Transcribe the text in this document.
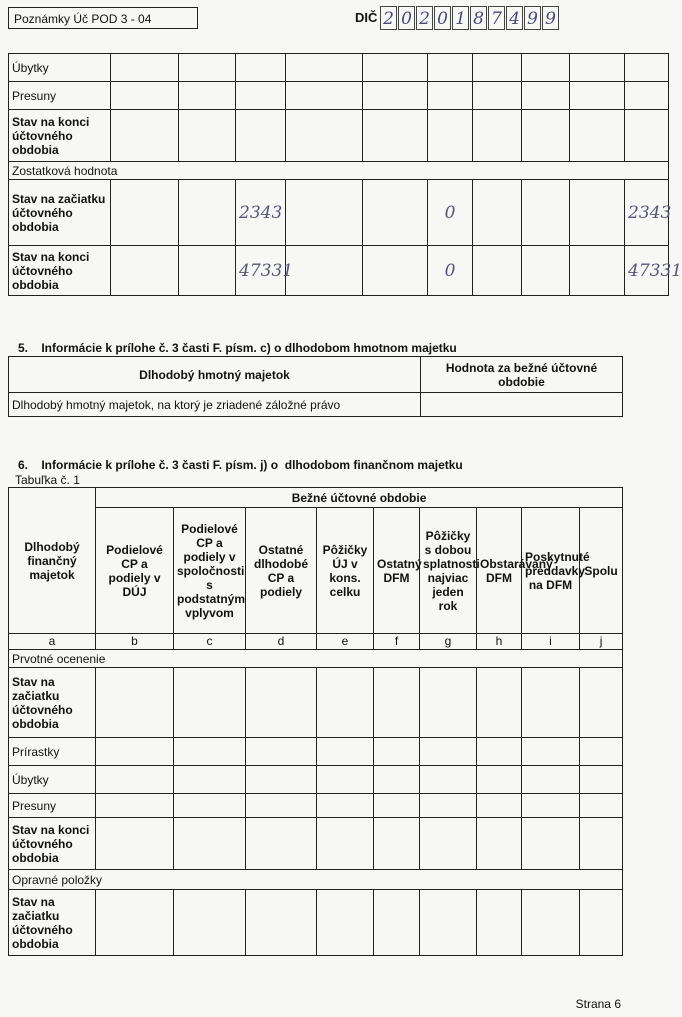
Poznámky Úč POD 3 - 04	DIČ 2 0 2 0 1 8 7 4 9 9
Úbytky										
Presuny										
Stav na konci účtovného obdobia										
Zostatková hodnota										
Stav na začiatku účtovného obdobia			2343			0				2343
Stav na konci účtovného obdobia			47331			0				47331
5.    Informácie k prílohe č. 3 časti F. písm. c) o dlhodobom hmotnom majetku
Dlhodobý hmotný majetok	Hodnota za bežné účtovné obdobie
Dlhodobý hmotný majetok, na ktorý je zriadené záložné právo	
6.    Informácie k prílohe č. 3 časti F. písm. j) o  dlhodobom finančnom majetku
Tabuľka č. 1
Dlhodobý finančný majetok	Bežné účtovné obdobie								
	Podielové CP a podiely v DÚJ	Podielové CP a podiely v spoločnosti s podstatným vplyvom	Ostatné dlhodobé CP a podiely	Pôžičky ÚJ v kons. celku	Ostatný DFM	Pôžičky s dobou splatnosti najviac jeden rok	Obstarávaný DFM	Poskytnuté preddavky na DFM	Spolu
a	b	c	d	e	f	g	h	i	j
Prvotné ocenenie									
Stav na začiatku účtovného obdobia									
Prírastky									
Úbytky									
Presuny									
Stav na konci účtovného obdobia									
Opravné položky									
Stav na začiatku účtovného obdobia									
Strana 6
